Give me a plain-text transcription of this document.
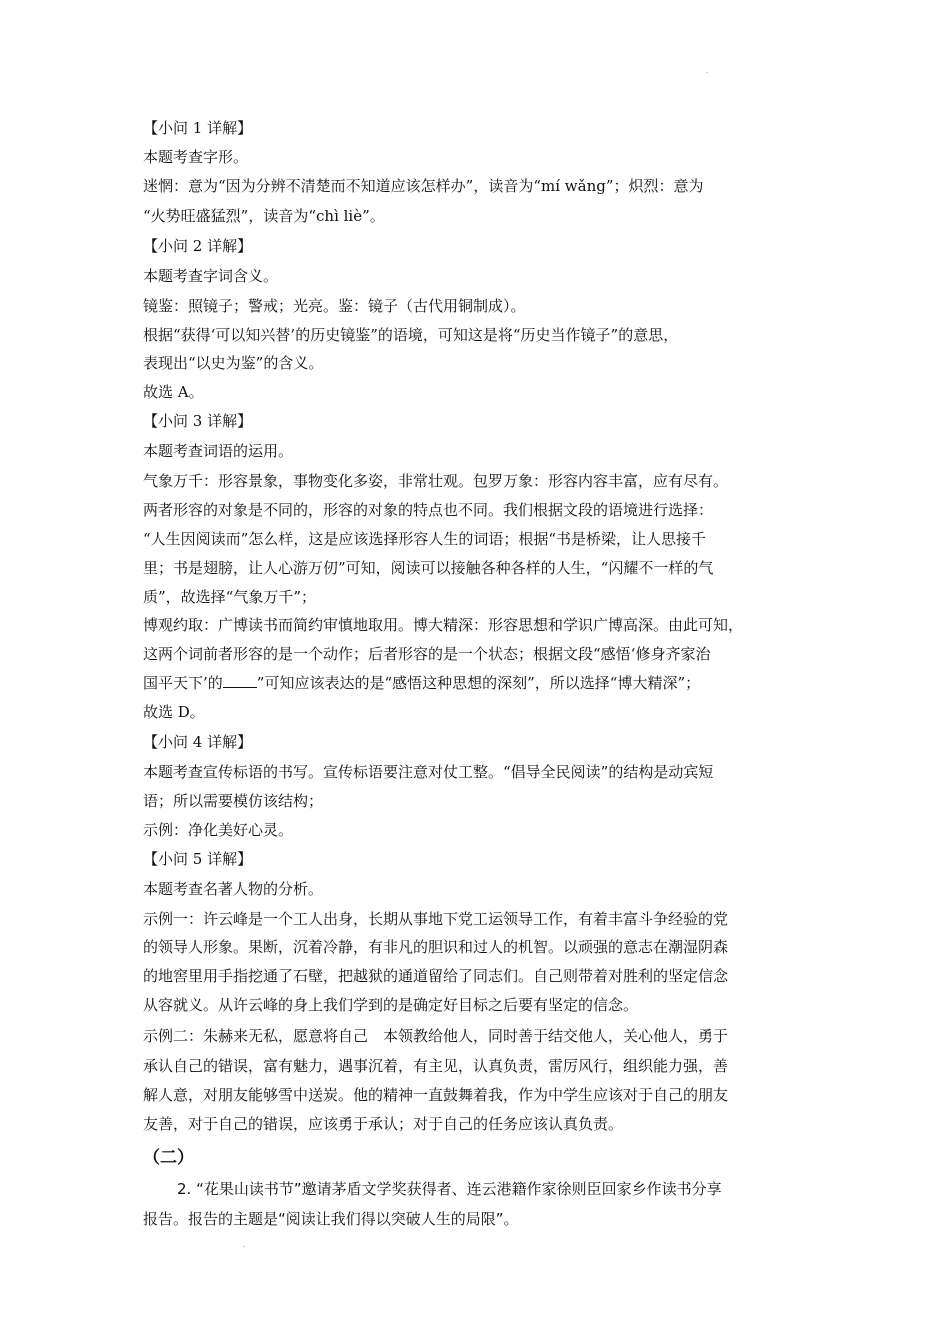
.
【小问 1 详解】
本题考查字形。
迷惘：意为“因为分辨不清楚而不知道应该怎样办”，读音为“mí wǎng”；炽烈：意为
“火势旺盛猛烈”，读音为“chì liè”。
【小问 2 详解】
本题考查字词含义。
镜鉴：照镜子；警戒；光亮。鉴：镜子（古代用铜制成）。
根据“获得‘可以知兴替’的历史镜鉴”的语境，可知这是将“历史当作镜子”的意思，
表现出“以史为鉴”的含义。
故选 A。
【小问 3 详解】
本题考查词语的运用。
气象万千：形容景象，事物变化多姿，非常壮观。包罗万象：形容内容丰富，应有尽有。
两者形容的对象是不同的，形容的对象的特点也不同。我们根据文段的语境进行选择：
“人生因阅读而”怎么样，这是应该选择形容人生的词语；根据“书是桥梁，让人思接千
里；书是翅膀，让人心游万仞”可知，阅读可以接触各种各样的人生，“闪耀不一样的气
质”，故选择“气象万千”；
博观约取：广博读书而简约审慎地取用。博大精深：形容思想和学识广博高深。由此可知，
这两个词前者形容的是一个动作；后者形容的是一个状态；根据文段“感悟‘修身齐家治
国平天下’的 ”可知应该表达的是“感悟这种思想的深刻”，所以选择“博大精深”；
故选 D。
【小问 4 详解】
本题考查宣传标语的书写。宣传标语要注意对仗工整。“倡导全民阅读”的结构是动宾短
语；所以需要模仿该结构；
示例：净化美好心灵。
【小问 5 详解】
本题考查名著人物的分析。
示例一：许云峰是一个工人出身，长期从事地下党工运领导工作，有着丰富斗争经验的党
的领导人形象。果断，沉着冷静，有非凡的胆识和过人的机智。以顽强的意志在潮湿阴森
的地窖里用手指挖通了石壁，把越狱的通道留给了同志们。自己则带着对胜利的坚定信念
从容就义。从许云峰的身上我们学到的是确定好目标之后要有坚定的信念。
示例二：朱赫来无私，愿意将自己　本领教给他人，同时善于结交他人，关心他人，勇于
承认自己的错误，富有魅力，遇事沉着，有主见，认真负责，雷厉风行，组织能力强，善
解人意，对朋友能够雪中送炭。他的精神一直鼓舞着我，作为中学生应该对于自己的朋友
友善，对于自己的错误，应该勇于承认；对于自己的任务应该认真负责。
（二）
2. “花果山读书节”邀请茅盾文学奖获得者、连云港籍作家徐则臣回家乡作读书分享
报告。报告的主题是“阅读让我们得以突破人生的局限”。
.
